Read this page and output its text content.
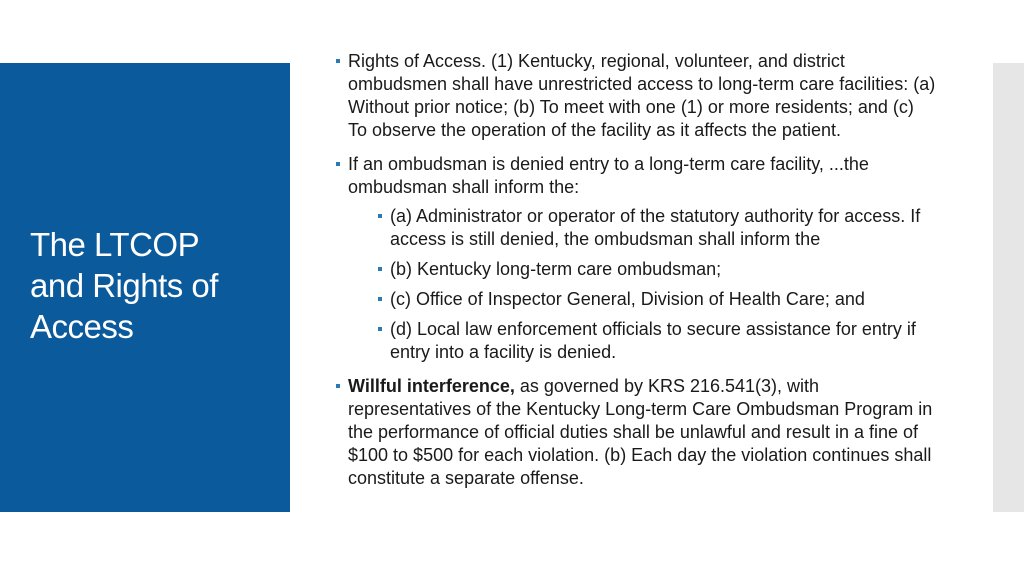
The LTCOP
and Rights of
Access
Rights of Access. (1) Kentucky, regional, volunteer, and district ombudsmen shall have unrestricted access to long-term care facilities: (a) Without prior notice; (b) To meet with one (1) or more residents; and (c) To observe the operation of the facility as it affects the patient.
If an ombudsman is denied entry to a long-term care facility, ...the ombudsman shall inform the:
(a) Administrator or operator of the statutory authority for access. If access is still denied, the ombudsman shall inform the
(b) Kentucky long-term care ombudsman;
(c) Office of Inspector General, Division of Health Care; and
(d) Local law enforcement officials to secure assistance for entry if entry into a facility is denied.
Willful interference, as governed by KRS 216.541(3), with representatives of the Kentucky Long-term Care Ombudsman Program in the performance of official duties shall be unlawful and result in a fine of $100 to $500 for each violation. (b) Each day the violation continues shall constitute a separate offense.
